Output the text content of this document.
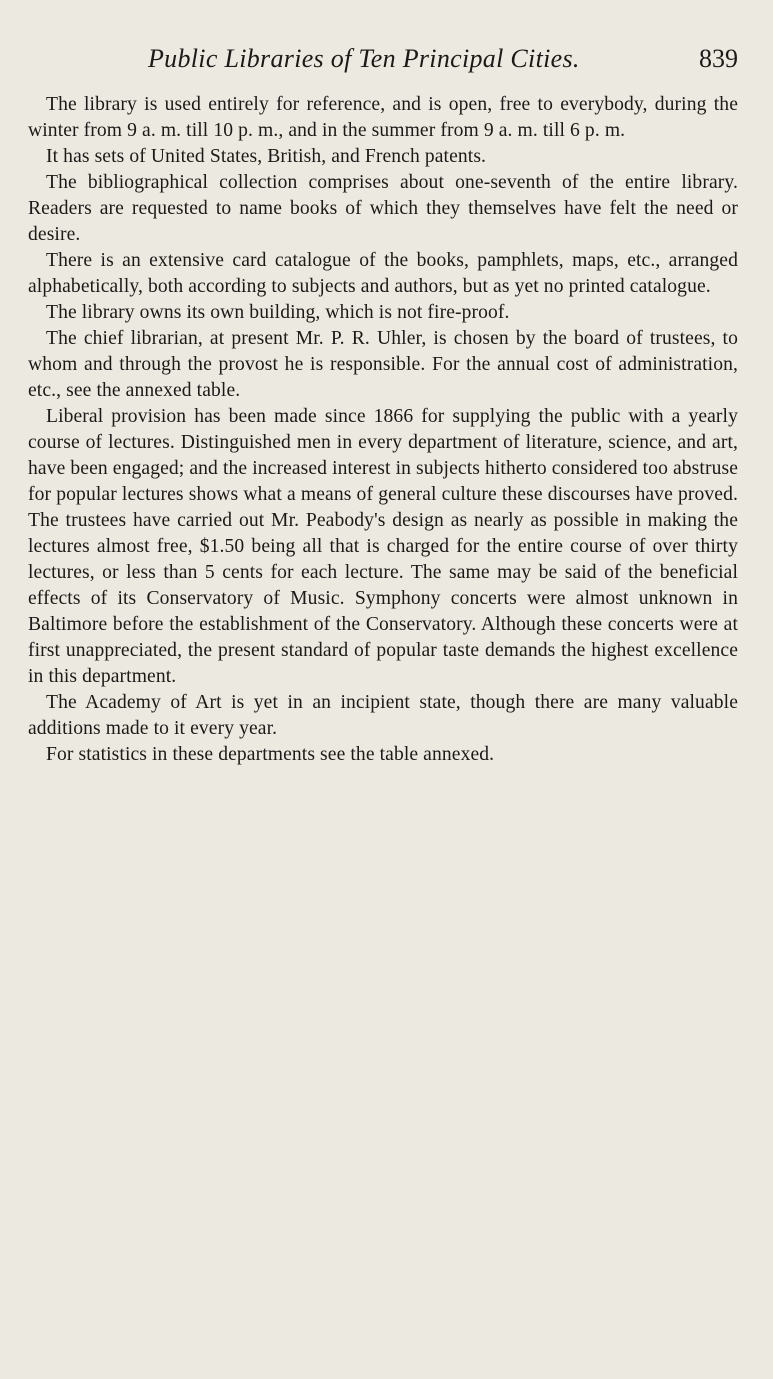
Public Libraries of Ten Principal Cities.	839

The library is used entirely for reference, and is open, free to everybody, during the winter from 9 a. m. till 10 p. m., and in the summer from 9 a. m. till 6 p. m.

It has sets of United States, British, and French patents.

The bibliographical collection comprises about one-seventh of the entire library. Readers are requested to name books of which they themselves have felt the need or desire.

There is an extensive card catalogue of the books, pamphlets, maps, etc., arranged alphabetically, both according to subjects and authors, but as yet no printed catalogue.

The library owns its own building, which is not fire-proof.

The chief librarian, at present Mr. P. R. Uhler, is chosen by the board of trustees, to whom and through the provost he is responsible. For the annual cost of administration, etc., see the annexed table.

Liberal provision has been made since 1866 for supplying the public with a yearly course of lectures. Distinguished men in every department of literature, science, and art, have been engaged; and the increased interest in subjects hitherto considered too abstruse for popular lectures shows what a means of general culture these discourses have proved. The trustees have carried out Mr. Peabody's design as nearly as possible in making the lectures almost free, $1.50 being all that is charged for the entire course of over thirty lectures, or less than 5 cents for each lecture. The same may be said of the beneficial effects of its Conservatory of Music. Symphony concerts were almost unknown in Baltimore before the establishment of the Conservatory. Although these concerts were at first unappreciated, the present standard of popular taste demands the highest excellence in this department.

The Academy of Art is yet in an incipient state, though there are many valuable additions made to it every year.

For statistics in these departments see the table annexed.
